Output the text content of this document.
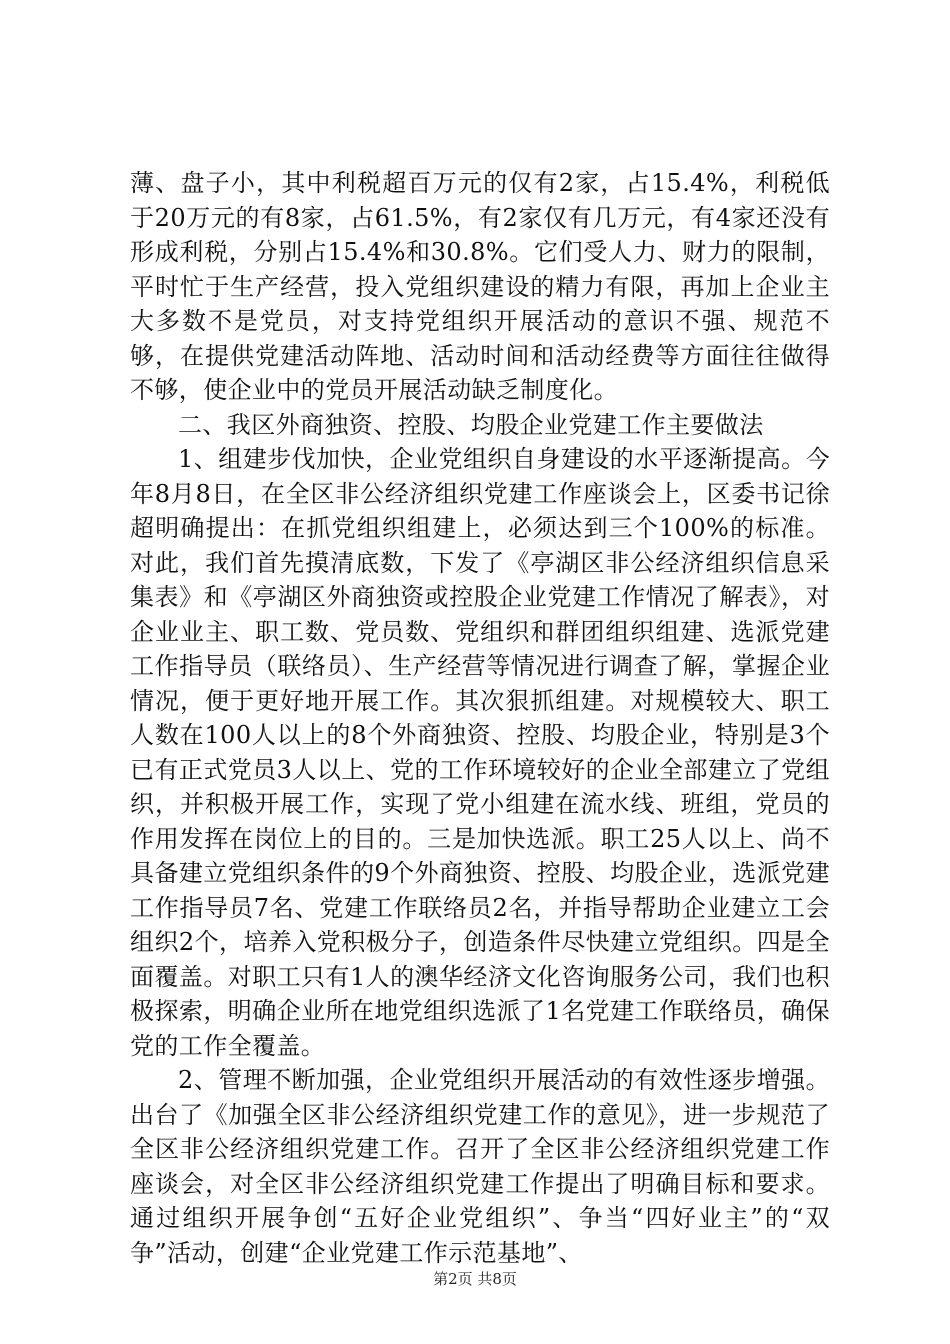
薄、盘子小，其中利税超百万元的仅有2家，占15.4%，利税低于20万元的有8家，占61.5%，有2家仅有几万元，有4家还没有形成利税，分别占15.4%和30.8%。它们受人力、财力的限制，平时忙于生产经营，投入党组织建设的精力有限，再加上企业主大多数不是党员，对支持党组织开展活动的意识不强、规范不够，在提供党建活动阵地、活动时间和活动经费等方面往往做得不够，使企业中的党员开展活动缺乏制度化。

二、我区外商独资、控股、均股企业党建工作主要做法

1、组建步伐加快，企业党组织自身建设的水平逐渐提高。今年8月8日，在全区非公经济组织党建工作座谈会上，区委书记徐超明确提出：在抓党组织组建上，必须达到三个100%的标准。对此，我们首先摸清底数，下发了《亭湖区非公经济组织信息采集表》和《亭湖区外商独资或控股企业党建工作情况了解表》，对企业业主、职工数、党员数、党组织和群团组织组建、选派党建工作指导员（联络员）、生产经营等情况进行调查了解，掌握企业情况，便于更好地开展工作。其次狠抓组建。对规模较大、职工人数在100人以上的8个外商独资、控股、均股企业，特别是3个已有正式党员3人以上、党的工作环境较好的企业全部建立了党组织，并积极开展工作，实现了党小组建在流水线、班组，党员的作用发挥在岗位上的目的。三是加快选派。职工25人以上、尚不具备建立党组织条件的9个外商独资、控股、均股企业，选派党建工作指导员7名、党建工作联络员2名，并指导帮助企业建立工会组织2个，培养入党积极分子，创造条件尽快建立党组织。四是全面覆盖。对职工只有1人的澳华经济文化咨询服务公司，我们也积极探索，明确企业所在地党组织选派了1名党建工作联络员，确保党的工作全覆盖。

2、管理不断加强，企业党组织开展活动的有效性逐步增强。出台了《加强全区非公经济组织党建工作的意见》，进一步规范了全区非公经济组织党建工作。召开了全区非公经济组织党建工作座谈会，对全区非公经济组织党建工作提出了明确目标和要求。通过组织开展争创“五好企业党组织”、争当“四好业主”的“双争”活动，创建“企业党建工作示范基地”、

第2页 共8页
